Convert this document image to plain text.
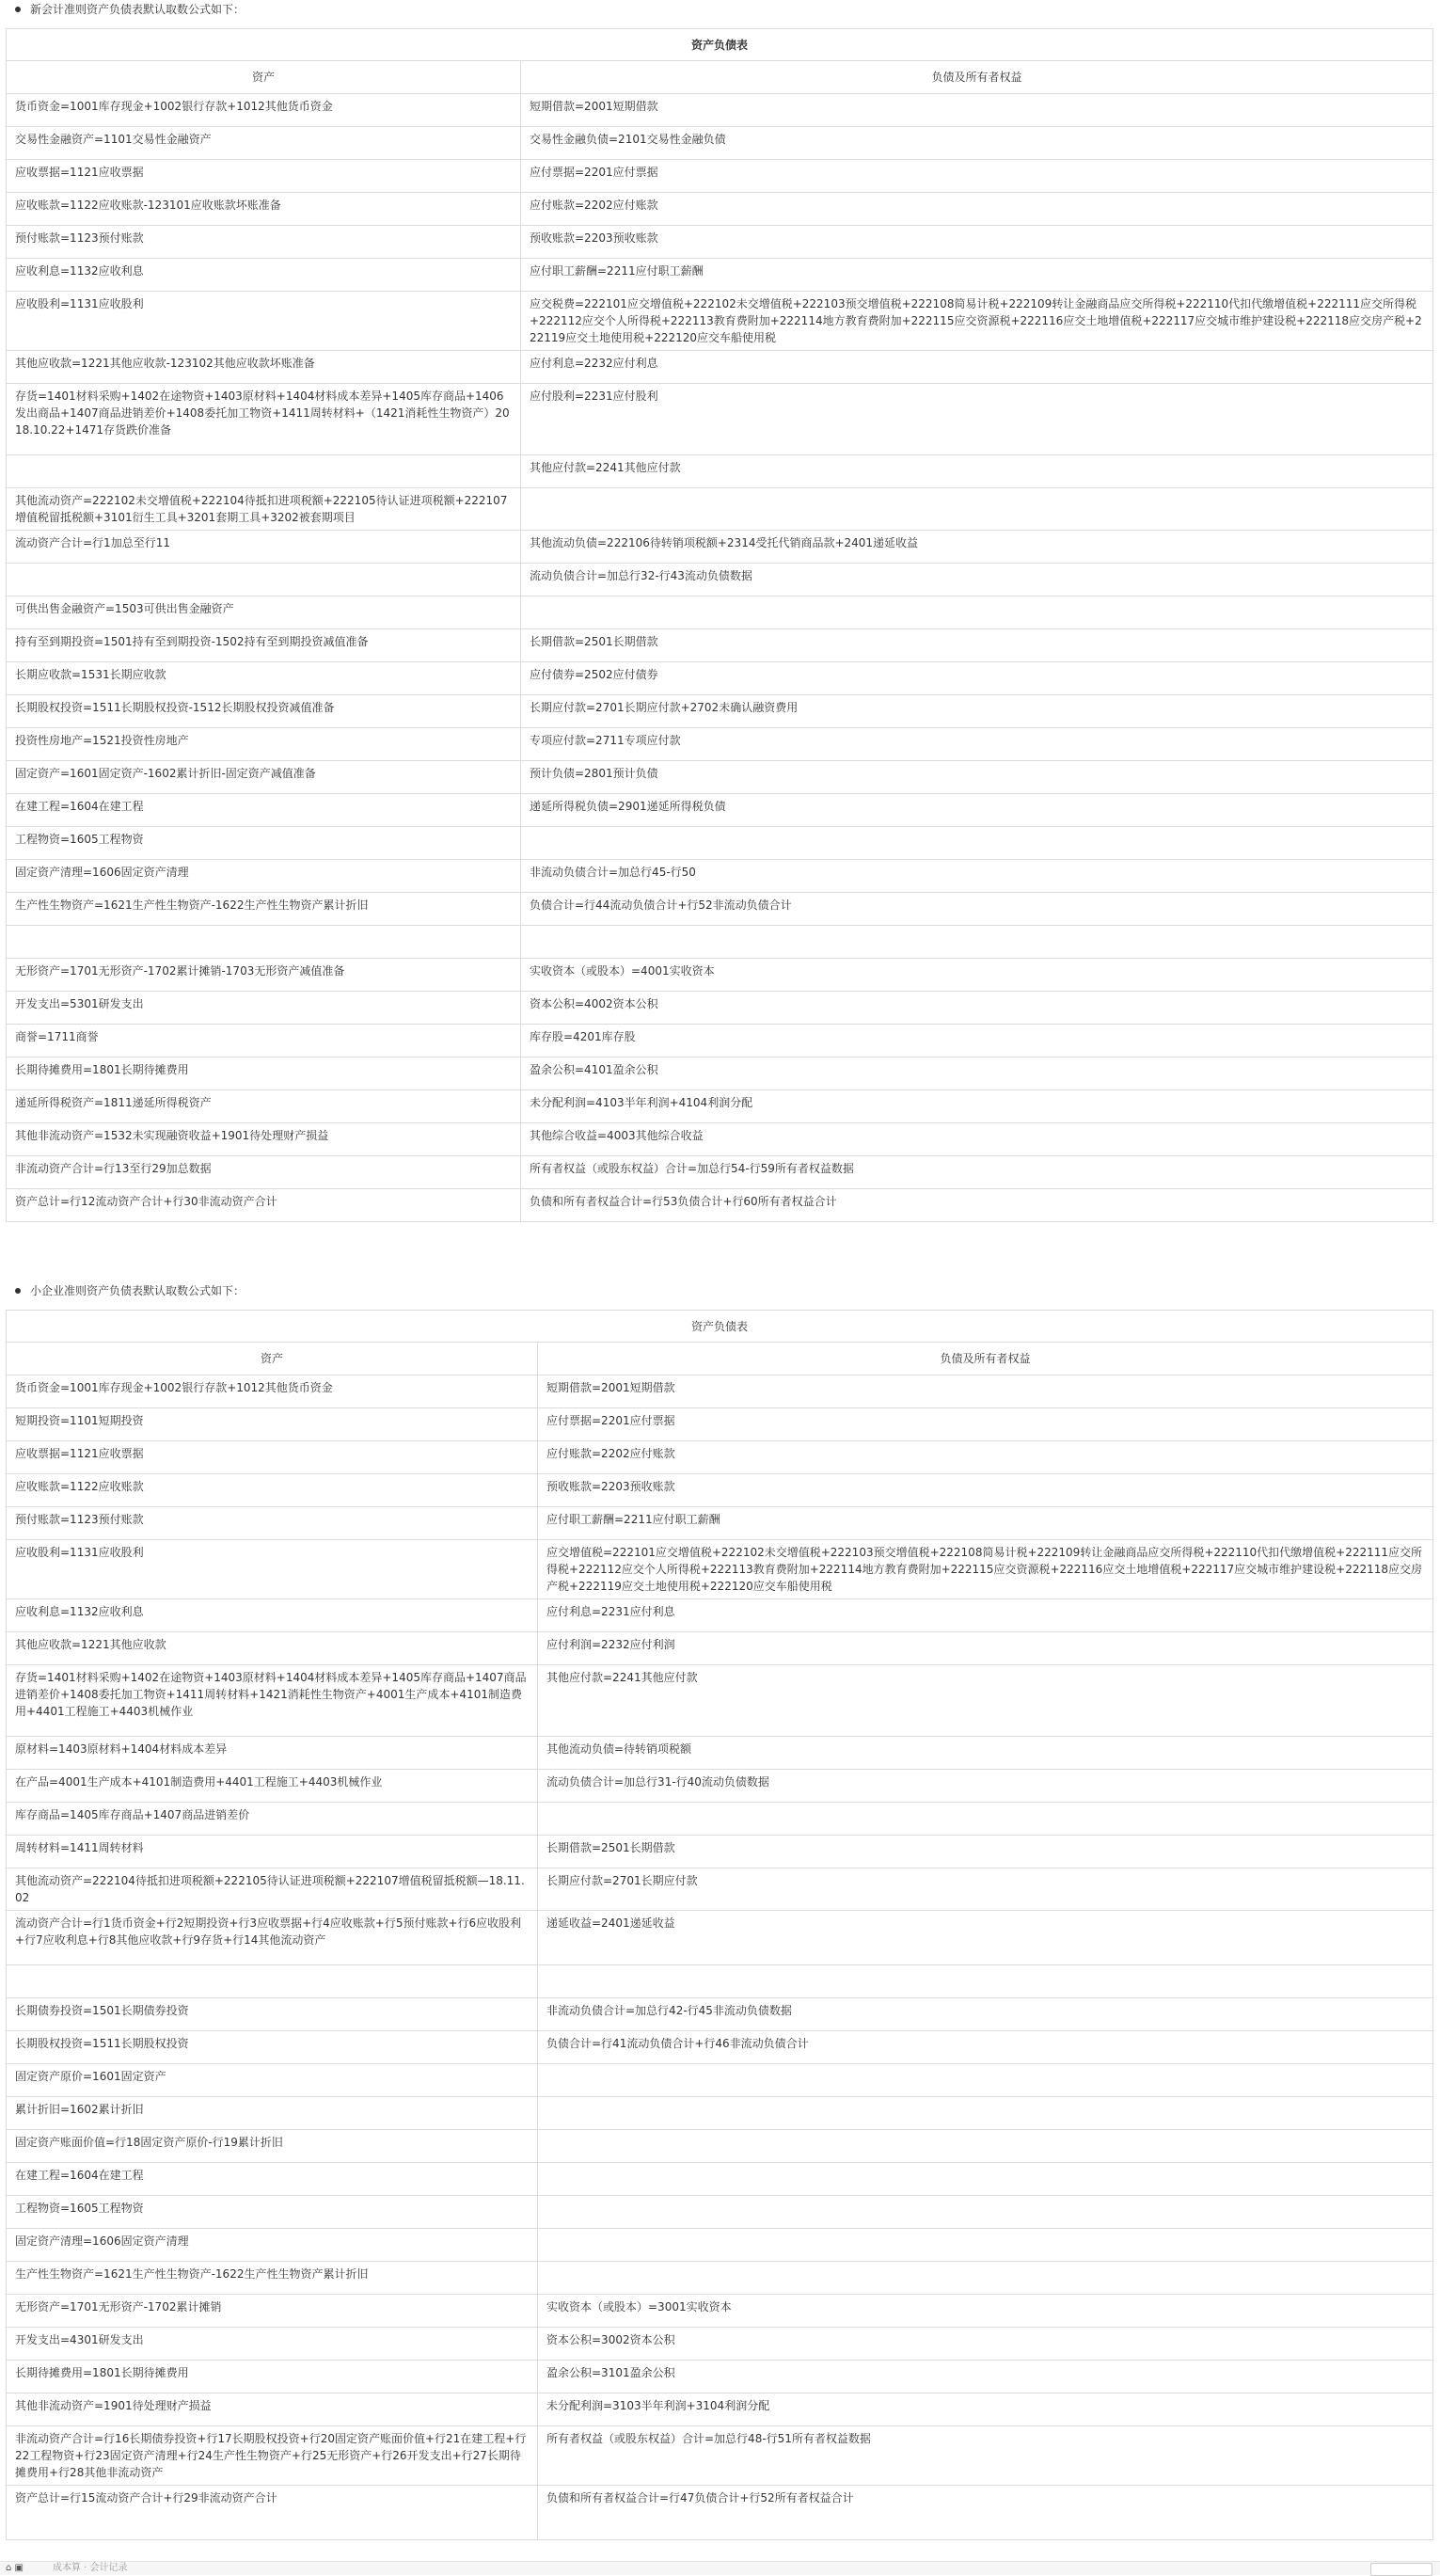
新会计准则资产负债表默认取数公式如下：
资产负债表	
资产	负债及所有者权益
货币资金=1001库存现金+1002银行存款+1012其他货币资金	短期借款=2001短期借款
交易性金融资产=1101交易性金融资产	交易性金融负债=2101交易性金融负债
应收票据=1121应收票据	应付票据=2201应付票据
应收账款=1122应收账款-123101应收账款坏账准备	应付账款=2202应付账款
预付账款=1123预付账款	预收账款=2203预收账款
应收利息=1132应收利息	应付职工薪酬=2211应付职工薪酬
应收股利=1131应收股利	应交税费=222101应交增值税+222102未交增值税+222103预交增值税+222108简易计税+222109转让金融商品应交所得税+222110代扣代缴增值税+222111应交所得税+222112应交个人所得税+222113教育费附加+222114地方教育费附加+222115应交资源税+222116应交土地增值税+222117应交城市维护建设税+222118应交房产税+222119应交土地使用税+222120应交车船使用税
其他应收款=1221其他应收款-123102其他应收款坏账准备	应付利息=2232应付利息
存货=1401材料采购+1402在途物资+1403原材料+1404材料成本差异+1405库存商品+1406发出商品+1407商品进销差价+1408委托加工物资+1411周转材料+（1421消耗性生物资产）2018.10.22+1471存货跌价准备	应付股利=2231应付股利
	其他应付款=2241其他应付款
其他流动资产=222102未交增值税+222104待抵扣进项税额+222105待认证进项税额+222107增值税留抵税额+3101衍生工具+3201套期工具+3202被套期项目	
流动资产合计=行1加总至行11	其他流动负债=222106待转销项税额+2314受托代销商品款+2401递延收益
	流动负债合计=加总行32-行43流动负债数据
可供出售金融资产=1503可供出售金融资产	
持有至到期投资=1501持有至到期投资-1502持有至到期投资减值准备	长期借款=2501长期借款
长期应收款=1531长期应收款	应付债券=2502应付债券
长期股权投资=1511长期股权投资-1512长期股权投资减值准备	长期应付款=2701长期应付款+2702未确认融资费用
投资性房地产=1521投资性房地产	专项应付款=2711专项应付款
固定资产=1601固定资产-1602累计折旧-固定资产减值准备	预计负债=2801预计负债
在建工程=1604在建工程	递延所得税负债=2901递延所得税负债
工程物资=1605工程物资	
固定资产清理=1606固定资产清理	非流动负债合计=加总行45-行50
生产性生物资产=1621生产性生物资产-1622生产性生物资产累计折旧	负债合计=行44流动负债合计+行52非流动负债合计

无形资产=1701无形资产-1702累计摊销-1703无形资产减值准备	实收资本（或股本）=4001实收资本
开发支出=5301研发支出	资本公积=4002资本公积
商誉=1711商誉	库存股=4201库存股
长期待摊费用=1801长期待摊费用	盈余公积=4101盈余公积
递延所得税资产=1811递延所得税资产	未分配利润=4103半年利润+4104利润分配
其他非流动资产=1532未实现融资收益+1901待处理财产损益	其他综合收益=4003其他综合收益
非流动资产合计=行13至行29加总数据	所有者权益（或股东权益）合计=加总行54-行59所有者权益数据
资产总计=行12流动资产合计+行30非流动资产合计	负债和所有者权益合计=行53负债合计+行60所有者权益合计
小企业准则资产负债表默认取数公式如下：
资产负债表	
资产	负债及所有者权益
货币资金=1001库存现金+1002银行存款+1012其他货币资金	短期借款=2001短期借款
短期投资=1101短期投资	应付票据=2201应付票据
应收票据=1121应收票据	应付账款=2202应付账款
应收账款=1122应收账款	预收账款=2203预收账款
预付账款=1123预付账款	应付职工薪酬=2211应付职工薪酬
应收股利=1131应收股利	应交增值税=222101应交增值税+222102未交增值税+222103预交增值税+222108简易计税+222109转让金融商品应交所得税+222110代扣代缴增值税+222111应交所得税+222112应交个人所得税+222113教育费附加+222114地方教育费附加+222115应交资源税+222116应交土地增值税+222117应交城市维护建设税+222118应交房产税+222119应交土地使用税+222120应交车船使用税
应收利息=1132应收利息	应付利息=2231应付利息
其他应收款=1221其他应收款	应付利润=2232应付利润
存货=1401材料采购+1402在途物资+1403原材料+1404材料成本差异+1405库存商品+1407商品进销差价+1408委托加工物资+1411周转材料+1421消耗性生物资产+4001生产成本+4101制造费用+4401工程施工+4403机械作业	其他应付款=2241其他应付款
原材料=1403原材料+1404材料成本差异	其他流动负债=待转销项税额
在产品=4001生产成本+4101制造费用+4401工程施工+4403机械作业	流动负债合计=加总行31-行40流动负债数据
库存商品=1405库存商品+1407商品进销差价	
周转材料=1411周转材料	长期借款=2501长期借款
其他流动资产=222104待抵扣进项税额+222105待认证进项税额+222107增值税留抵税额—18.11.02	长期应付款=2701长期应付款
流动资产合计=行1货币资金+行2短期投资+行3应收票据+行4应收账款+行5预付账款+行6应收股利+行7应收利息+行8其他应收款+行9存货+行14其他流动资产	递延收益=2401递延收益

长期债券投资=1501长期债券投资	非流动负债合计=加总行42-行45非流动负债数据
长期股权投资=1511长期股权投资	负债合计=行41流动负债合计+行46非流动负债合计
固定资产原价=1601固定资产	
累计折旧=1602累计折旧	
固定资产账面价值=行18固定资产原价-行19累计折旧	
在建工程=1604在建工程	
工程物资=1605工程物资	
固定资产清理=1606固定资产清理	
生产性生物资产=1621生产性生物资产-1622生产性生物资产累计折旧	
无形资产=1701无形资产-1702累计摊销	实收资本（或股本）=3001实收资本
开发支出=4301研发支出	资本公积=3002资本公积
长期待摊费用=1801长期待摊费用	盈余公积=3101盈余公积
其他非流动资产=1901待处理财产损益	未分配利润=3103半年利润+3104利润分配
非流动资产合计=行16长期债券投资+行17长期股权投资+行20固定资产账面价值+行21在建工程+行22工程物资+行23固定资产清理+行24生产性生物资产+行25无形资产+行26开发支出+行27长期待摊费用+行28其他非流动资产	所有者权益（或股东权益）合计=加总行48-行51所有者权益数据
资产总计=行15流动资产合计+行29非流动资产合计	负债和所有者权益合计=行47负债合计+行52所有者权益合计
⌂ ▣	成本算 · 会计记录
